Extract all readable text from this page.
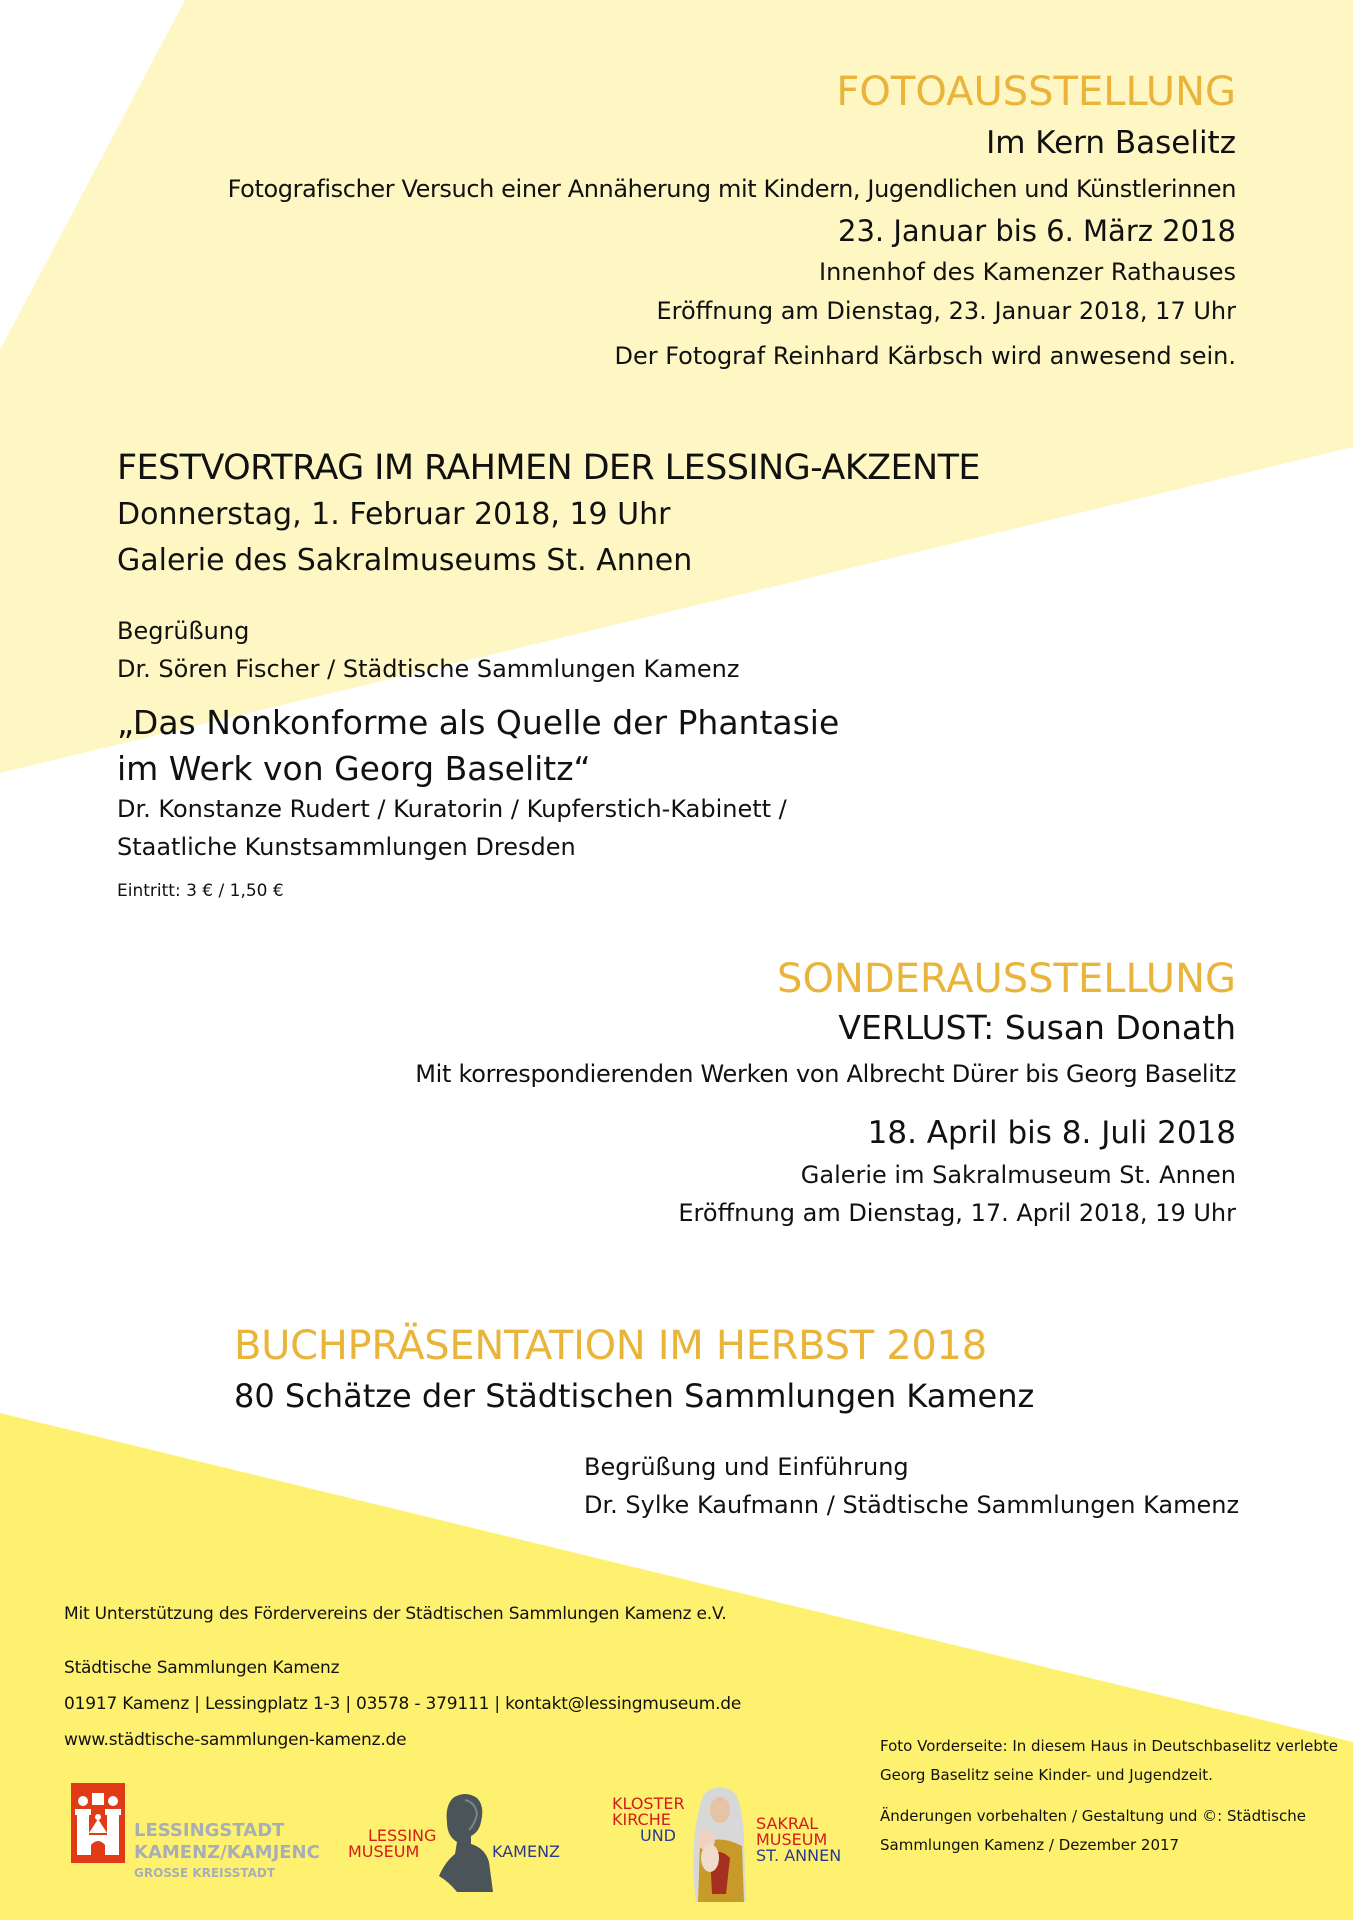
FOTOAUSSTELLUNG
Im Kern Baselitz
Fotografischer Versuch einer Annäherung mit Kindern, Jugendlichen und Künstlerinnen
23. Januar bis 6. März 2018
Innenhof des Kamenzer Rathauses
Eröffnung am Dienstag, 23. Januar 2018, 17 Uhr
Der Fotograf Reinhard Kärbsch wird anwesend sein.
FESTVORTRAG IM RAHMEN DER LESSING-AKZENTE
Donnerstag, 1. Februar 2018, 19 Uhr
Galerie des Sakralmuseums St. Annen
Begrüßung
Dr. Sören Fischer / Städtische Sammlungen Kamenz
„Das Nonkonforme als Quelle der Phantasie
im Werk von Georg Baselitz“
Dr. Konstanze Rudert / Kuratorin / Kupferstich-Kabinett /
Staatliche Kunstsammlungen Dresden
Eintritt: 3 € / 1,50 €
SONDERAUSSTELLUNG
VERLUST: Susan Donath
Mit korrespondierenden Werken von Albrecht Dürer bis Georg Baselitz
18. April bis 8. Juli 2018
Galerie im Sakralmuseum St. Annen
Eröffnung am Dienstag, 17. April 2018, 19 Uhr
BUCHPRÄSENTATION IM HERBST 2018
80 Schätze der Städtischen Sammlungen Kamenz
Begrüßung und Einführung
Dr. Sylke Kaufmann / Städtische Sammlungen Kamenz
Mit Unterstützung des Fördervereins der Städtischen Sammlungen Kamenz e.V.
Städtische Sammlungen Kamenz
01917 Kamenz | Lessingplatz 1-3 | 03578 - 379111 | kontakt@lessingmuseum.de
www.städtische-sammlungen-kamenz.de	Foto Vorderseite: In diesem Haus in Deutschbaselitz verlebte
Georg Baselitz seine Kinder- und Jugendzeit.
Änderungen vorbehalten / Gestaltung und ©: Städtische
Sammlungen Kamenz / Dezember 2017
LESSINGSTADT
KAMENZ/KAMJENC
GROSSE KREISSTADT
LESSING
MUSEUM	KAMENZ
KLOSTER
KIRCHE
UND
SAKRAL
MUSEUM
ST. ANNEN
